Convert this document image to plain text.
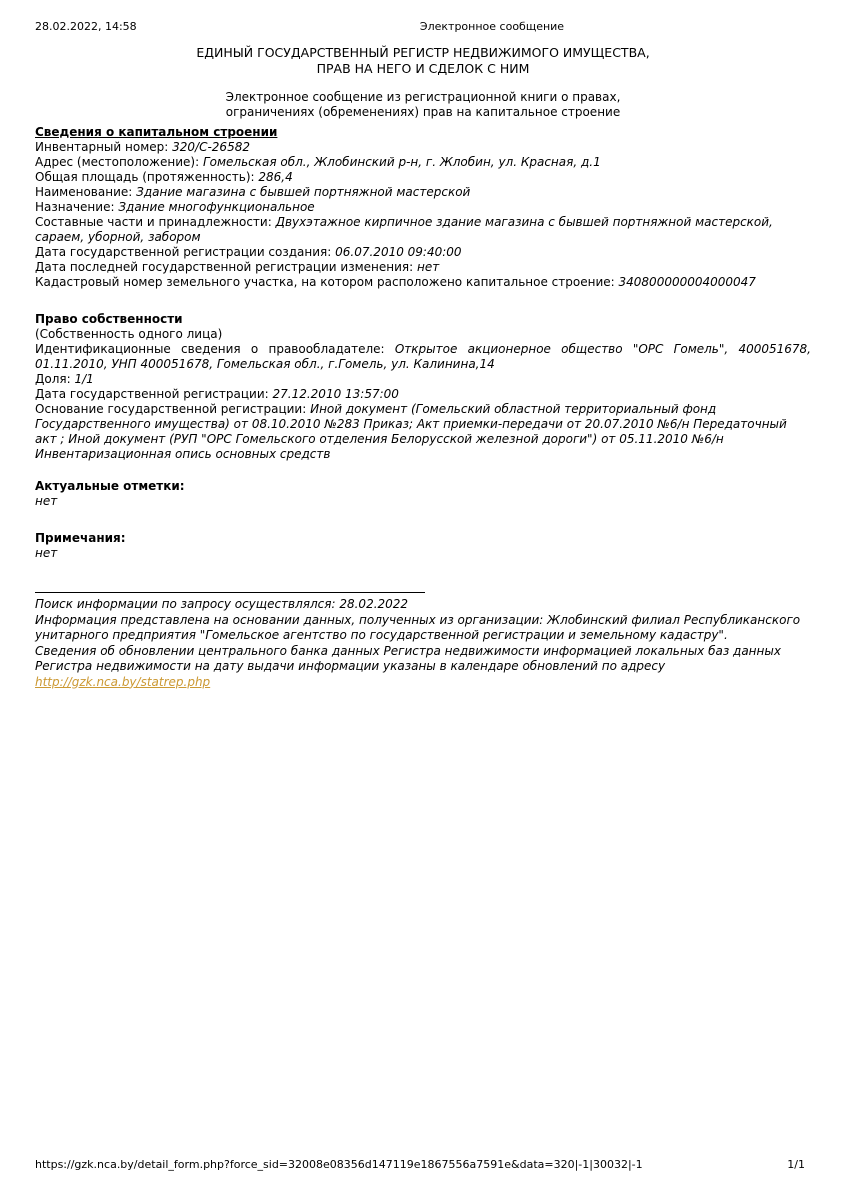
28.02.2022, 14:58	Электронное сообщение
ЕДИНЫЙ ГОСУДАРСТВЕННЫЙ РЕГИСТР НЕДВИЖИМОГО ИМУЩЕСТВА,
ПРАВ НА НЕГО И СДЕЛОК С НИМ
Электронное сообщение из регистрационной книги о правах,
ограничениях (обременениях) прав на капитальное строение
Сведения о капитальном строении
Инвентарный номер: 320/C-26582
Адрес (местоположение): Гомельская обл., Жлобинский р-н, г. Жлобин, ул. Красная, д.1
Общая площадь (протяженность): 286,4
Наименование: Здание магазина с бывшей портняжной мастерской
Назначение: Здание многофункциональное
Составные части и принадлежности: Двухэтажное кирпичное здание магазина с бывшей портняжной мастерской, сараем, уборной, забором
Дата государственной регистрации создания: 06.07.2010 09:40:00
Дата последней государственной регистрации изменения: нет
Кадастровый номер земельного участка, на котором расположено капитальное строение: 340800000004000047
Право собственности
(Собственность одного лица)
Идентификационные сведения о правообладателе: Открытое акционерное общество "ОРС Гомель", 400051678, 01.11.2010, УНП 400051678, Гомельская обл., г.Гомель, ул. Калинина,14
Доля: 1/1
Дата государственной регистрации: 27.12.2010 13:57:00
Основание государственной регистрации: Иной документ (Гомельский областной территориальный фонд Государственного имущества) от 08.10.2010 №283 Приказ; Акт приемки-передачи от 20.07.2010 №6/н Передаточный акт ; Иной документ (РУП "ОРС Гомельского отделения Белорусской железной дороги") от 05.11.2010 №6/н Инвентаризационная опись основных средств
Актуальные отметки:
нет
Примечания:
нет
Поиск информации по запросу осуществлялся: 28.02.2022
Информация представлена на основании данных, полученных из организации: Жлобинский филиал Республиканского унитарного предприятия "Гомельское агентство по государственной регистрации и земельному кадастру".
Сведения об обновлении центрального банка данных Регистра недвижимости информацией локальных баз данных Регистра недвижимости на дату выдачи информации указаны в календаре обновлений по адресу
http://gzk.nca.by/statrep.php
https://gzk.nca.by/detail_form.php?force_sid=32008e08356d147119e1867556a7591e&data=320|-1|30032|-1	1/1
